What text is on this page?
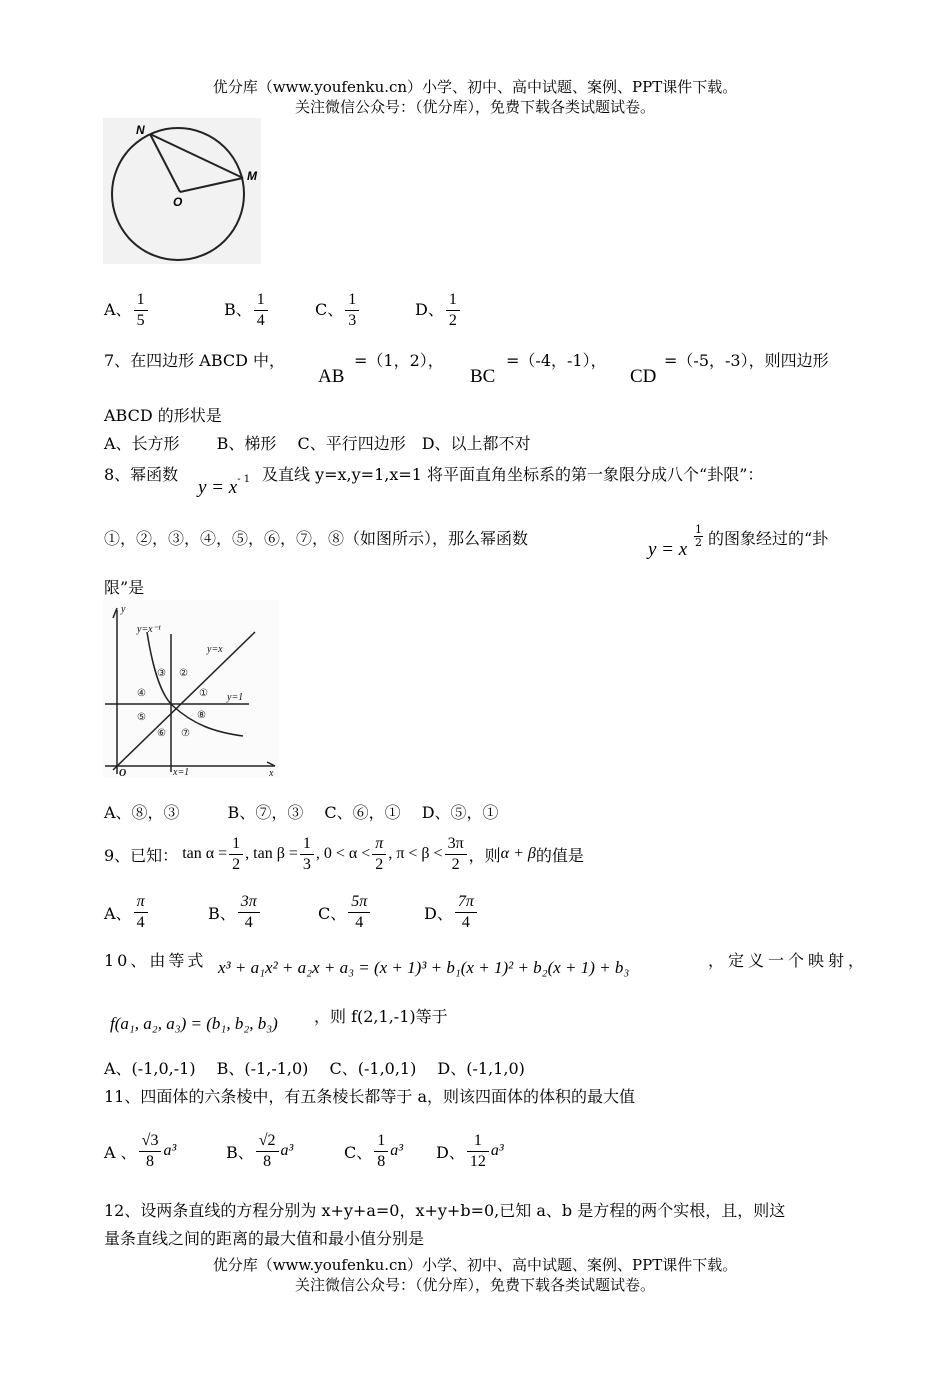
优分库（www.youfenku.cn）小学、初中、高中试题、案例、PPT课件下载。
关注微信公众号：（优分库），免费下载各类试题试卷。
N
M
O
A、 $\frac{1}{5}$	B、 $\frac{1}{4}$	C、 $\frac{1}{3}$	D、 $\frac{1}{2}$
7、在四边形 ABCD 中，
AB
=（1，2），
BC
=（-4，-1），
CD
=（-5，-3），则四边形
ABCD 的形状是
A、长方形　　 B、梯形　 C、平行四边形　D、以上都不对
8、幂函数
$y = x^{- 1}$ 及直线 y=x,y=1,x=1 将平面直角坐标系的第一象限分成八个“卦限”：
①，②，③，④，⑤，⑥，⑦，⑧（如图所示），那么幂函数
y = x
1
2 的图象经过的“卦
限”是
y
x
O
y=x⁻¹
y=x
y=1
x=1
①
②
③
④
⑤
⑥ ⑦
⑧
A、⑧，③　　　B、⑦，③　 C、⑥，①　 D、⑤，①
9、已知： $\tan \alpha = \frac{1}{2}$ , $\tan \beta = \frac{1}{3}$ , $0 < \alpha < \frac{\pi}{2}$ , $\pi < \beta < \frac{3\pi}{2}$ ，则 α + β 的值是
A、 $\frac{\pi}{4}$	B、 $\frac{3\pi}{4}$	C、 $\frac{5\pi}{4}$	D、 $\frac{7\pi}{4}$
10、由等式 x³ + a₁x² + a₂x + a₃ = (x + 1)³ + b₁(x + 1)² + b₂(x + 1) + b₃	，定义一个映射，
f(a₁, a₂, a₃) = (b₁, b₂, b₃) ，则 f(2,1,-1)等于
A、(-1,0,-1)　 B、(-1,-1,0)　 C、(-1,0,1)　 D、(-1,1,0)
11、四面体的六条棱中，有五条棱长都等于 a，则该四面体的体积的最大值
A 、 $\frac{√3}{8} a^3$	B、 $\frac{√2}{8} a^3$	C、 $\frac{1}{8} a^3$ D、 $\frac{1}{12} a^3$
12、设两条直线的方程分别为 x+y+a=0，x+y+b=0,已知 a、b 是方程的两个实根，且，则这
量条直线之间的距离的最大值和最小值分别是
优分库（www.youfenku.cn）小学、初中、高中试题、案例、PPT课件下载。
关注微信公众号：（优分库），免费下载各类试题试卷。
